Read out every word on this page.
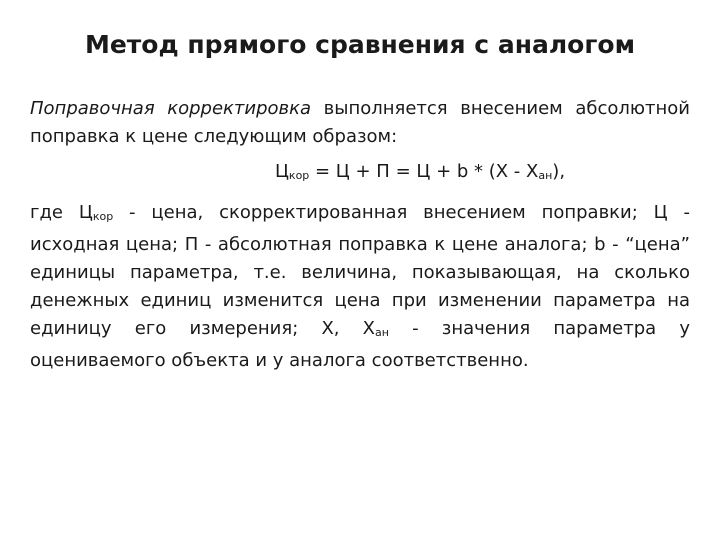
Метод прямого сравнения с аналогом

Поправочная корректировка выполняется внесением абсолютной поправка к цене следующим образом:

$Ц_{кор} = Ц + П = Ц + b * (Х - Х_{ан})$,

где $Ц_{кор}$ - цена, скорректированная внесением поправки; Ц - исходная цена; П - абсолютная поправка к цене аналога; b - “цена” единицы параметра, т.е. величина, показывающая, на сколько денежных единиц изменится цена при изменении параметра на единицу его измерения; Х, $Х_{ан}$ - значения параметра у оцениваемого объекта и у аналога соответственно.
